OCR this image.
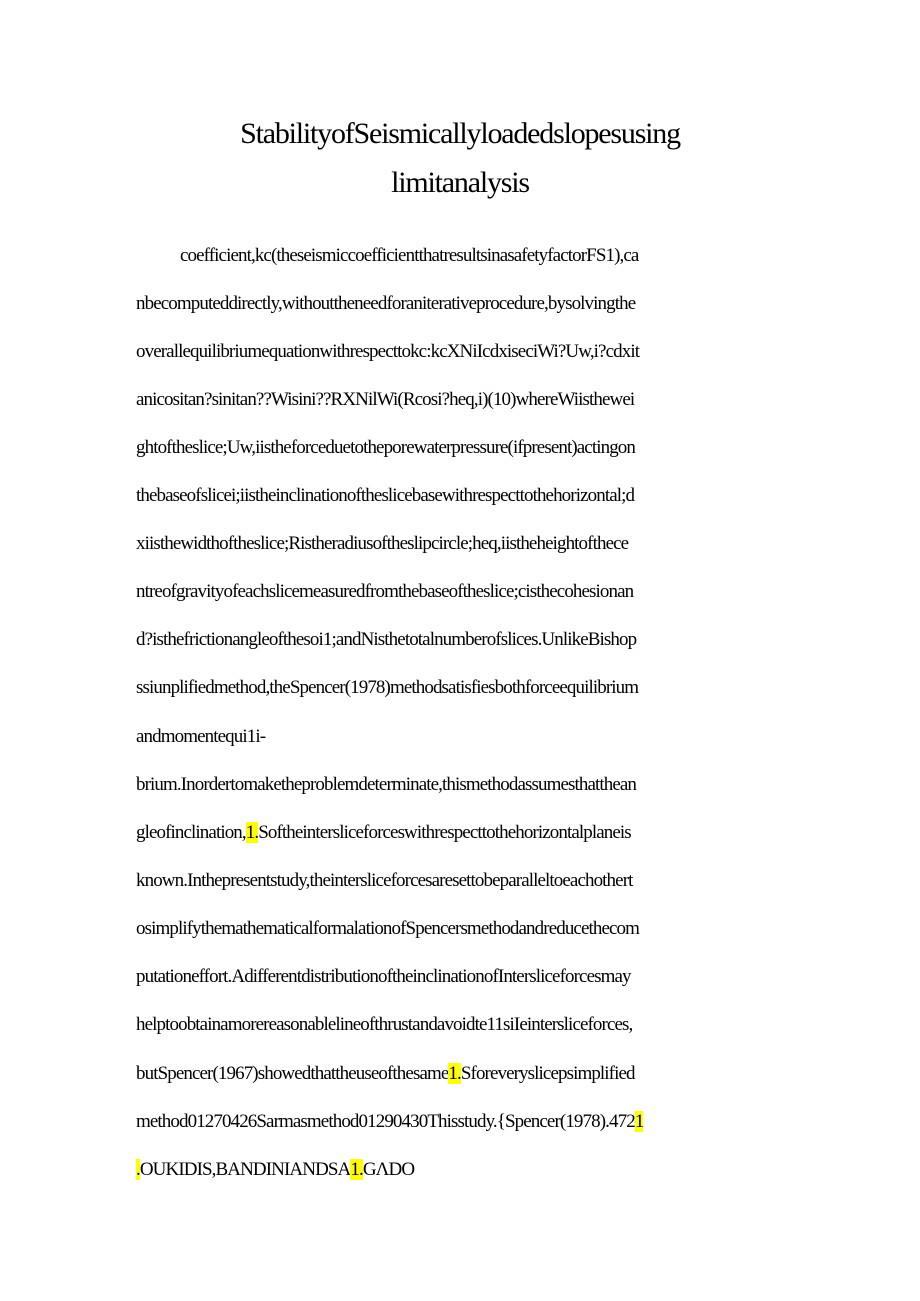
StabilityofSeismicallyloadedslopesusing
limitanalysis
coefficient,kc(theseismiccoefficientthatresultsinasafetyfactorFS1),ca
nbecomputeddirectly,withouttheneedforaniterativeprocedure,bysolvingthe
overallequilibriumequationwithrespecttokc:kcXNiIcdxiseciWi?Uw,i?cdxit
anicositan?sinitan??Wisini??RXNilWi(Rcosi?heq,i)(10)whereWiistheweі
ghtoftheslice;Uw,iistheforceduetotheporewaterpressure(ifpresent)actingon
thebaseofslicei;iistheinclinationoftheslicebasewithrespecttothehorizontal;d
xiisthewidthoftheslice;Ristheradiusoftheslipcircle;heq,iistheheightofthece
ntreofgravityofeachslicemeasuredfromthebaseoftheslice;cisthecohesionan
d?isthefrictionangleofthesoi1;andNisthetotalnumberofslices.UnlikeBishop
ssiunplifiedmethod,theSpencer(1978)methodsatisfiesbothforceequilibrium
andmomentequi1i-
brium.Inordertomaketheproblemdeterminate,thismethodassumesthatthean
gleofinclination,1.Softheintersliceforceswithrespecttothehorizontalplaneis
known.Inthepresentstudy,theintersliceforcesaresettobeparalleltoeachothert
osimplifythemathematicalformalationofSpencersmethodandreducethecom
putationeffort.AdifferentdistributionoftheinclinationofIntersliceforcesmay
helptoobtainamorereasonablelineofthrustandavoidte11siIeintersliceforces,
butSpencer(1967)showedthattheuseofthesame1.Sforeveryslicepsimplified
method01270426Sarmasmethod01290430Thisstudy.{Spencer(1978).4721
.OUKIDIS,BANDINIANDSA1.GΛDO
